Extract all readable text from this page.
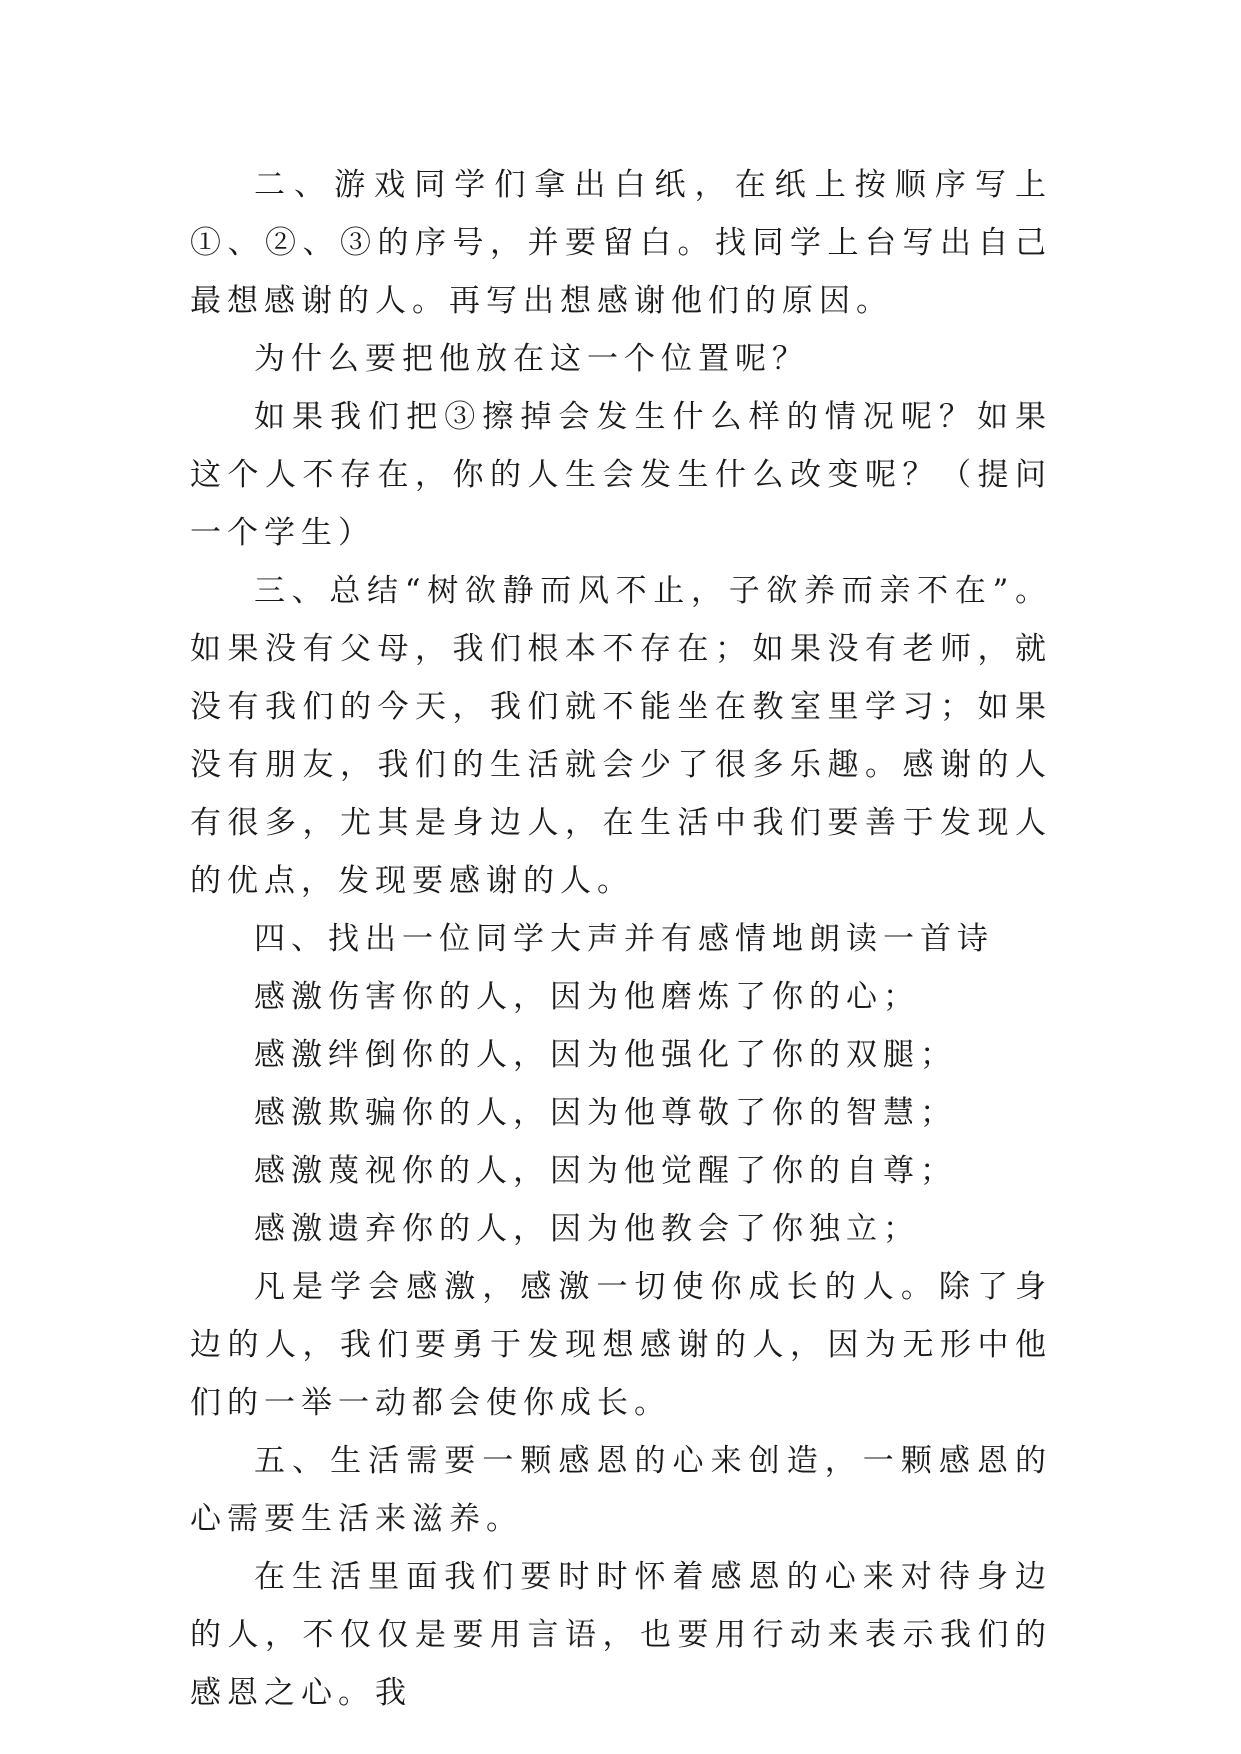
二、游戏同学们拿出白纸，在纸上按顺序写上①、②、③的序号，并要留白。找同学上台写出自己最想感谢的人。再写出想感谢他们的原因。

为什么要把他放在这一个位置呢？

如果我们把③擦掉会发生什么样的情况呢？如果这个人不存在，你的人生会发生什么改变呢？（提问一个学生）

三、总结“树欲静而风不止，子欲养而亲不在”。如果没有父母，我们根本不存在；如果没有老师，就没有我们的今天，我们就不能坐在教室里学习；如果没有朋友，我们的生活就会少了很多乐趣。感谢的人有很多，尤其是身边人，在生活中我们要善于发现人的优点，发现要感谢的人。

四、找出一位同学大声并有感情地朗读一首诗

感激伤害你的人，因为他磨炼了你的心；

感激绊倒你的人，因为他强化了你的双腿；

感激欺骗你的人，因为他尊敬了你的智慧；

感激蔑视你的人，因为他觉醒了你的自尊；

感激遗弃你的人，因为他教会了你独立；

凡是学会感激，感激一切使你成长的人。除了身边的人，我们要勇于发现想感谢的人，因为无形中他们的一举一动都会使你成长。

五、生活需要一颗感恩的心来创造，一颗感恩的心需要生活来滋养。

在生活里面我们要时时怀着感恩的心来对待身边的人，不仅仅是要用言语，也要用行动来表示我们的感恩之心。我
